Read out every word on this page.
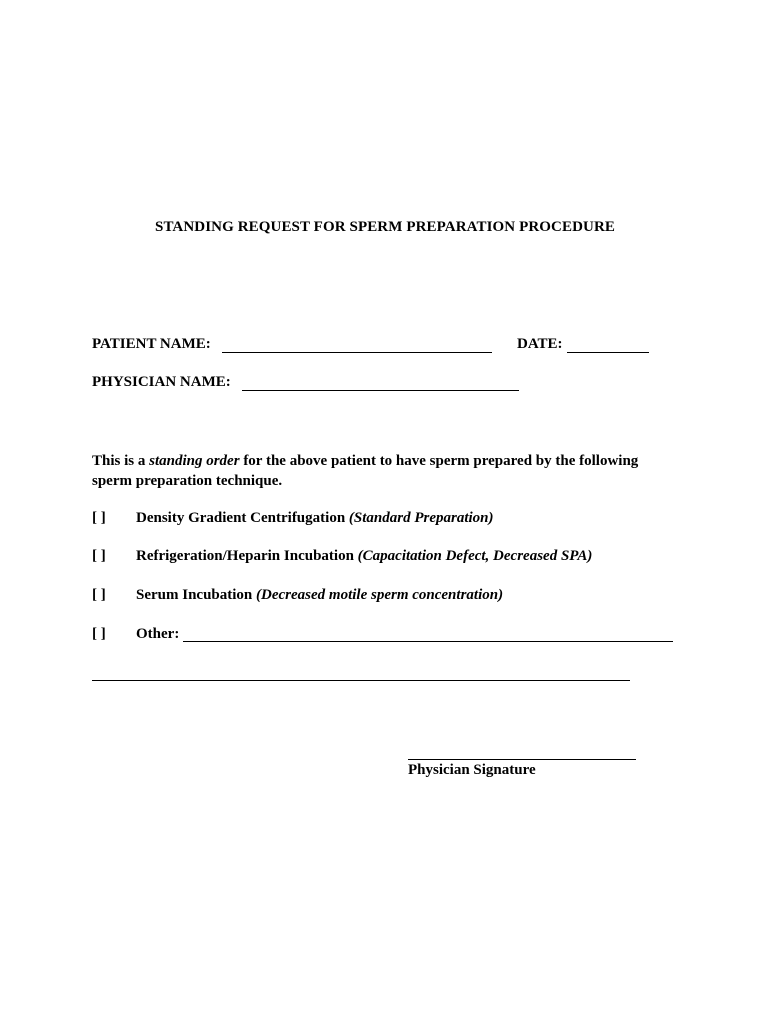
STANDING REQUEST FOR SPERM PREPARATION PROCEDURE
PATIENT NAME:	DATE:
PHYSICIAN NAME:
This is a standing order for the above patient to have sperm prepared by the following sperm preparation technique.
[ ] Density Gradient Centrifugation (Standard Preparation)
[ ] Refrigeration/Heparin Incubation (Capacitation Defect, Decreased SPA)
[ ] Serum Incubation (Decreased motile sperm concentration)
[ ] Other:
Physician Signature
